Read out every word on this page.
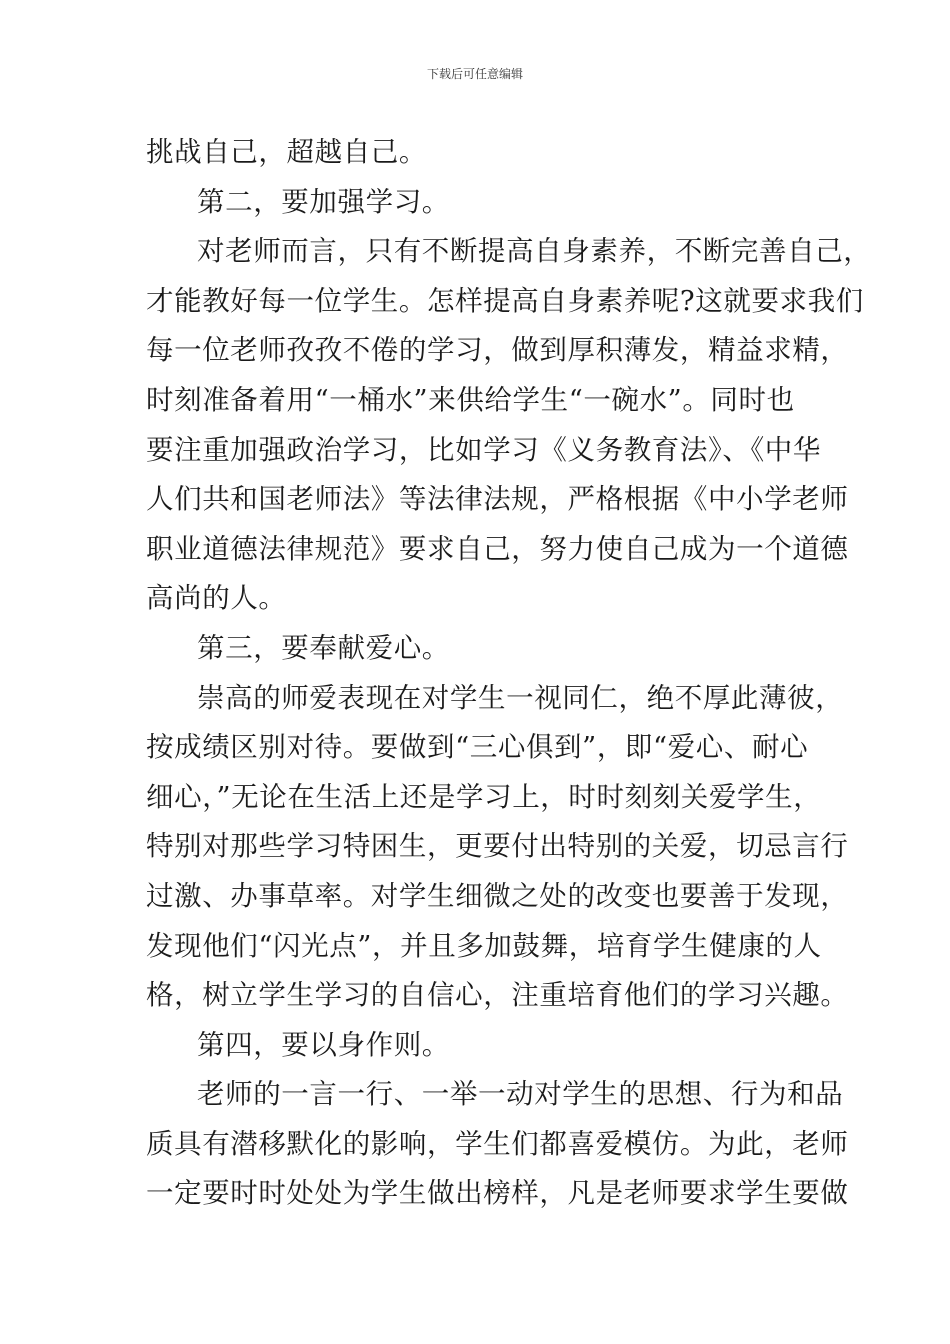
下载后可任意编辑
挑战自己，超越自己。
第二，要加强学习。
对老师而言，只有不断提高自身素养，不断完善自己，
才能教好每一位学生。怎样提高自身素养呢?这就要求我们
每一位老师孜孜不倦的学习，做到厚积薄发，精益求精，
时刻准备着用“一桶水”来供给学生“一碗水”。同时也
要注重加强政治学习，比如学习《义务教育法》、《中华
人们共和国老师法》等法律法规，严格根据《中小学老师
职业道德法律规范》要求自己，努力使自己成为一个道德
高尚的人。
第三，要奉献爱心。
崇高的师爱表现在对学生一视同仁，绝不厚此薄彼，
按成绩区别对待。要做到“三心俱到”，即“爱心、耐心
细心，”无论在生活上还是学习上，时时刻刻关爱学生，
特别对那些学习特困生，更要付出特别的关爱，切忌言行
过激、办事草率。对学生细微之处的改变也要善于发现，
发现他们“闪光点”，并且多加鼓舞，培育学生健康的人
格，树立学生学习的自信心，注重培育他们的学习兴趣。
第四，要以身作则。
老师的一言一行、一举一动对学生的思想、行为和品
质具有潜移默化的影响，学生们都喜爱模仿。为此，老师
一定要时时处处为学生做出榜样，凡是老师要求学生要做
